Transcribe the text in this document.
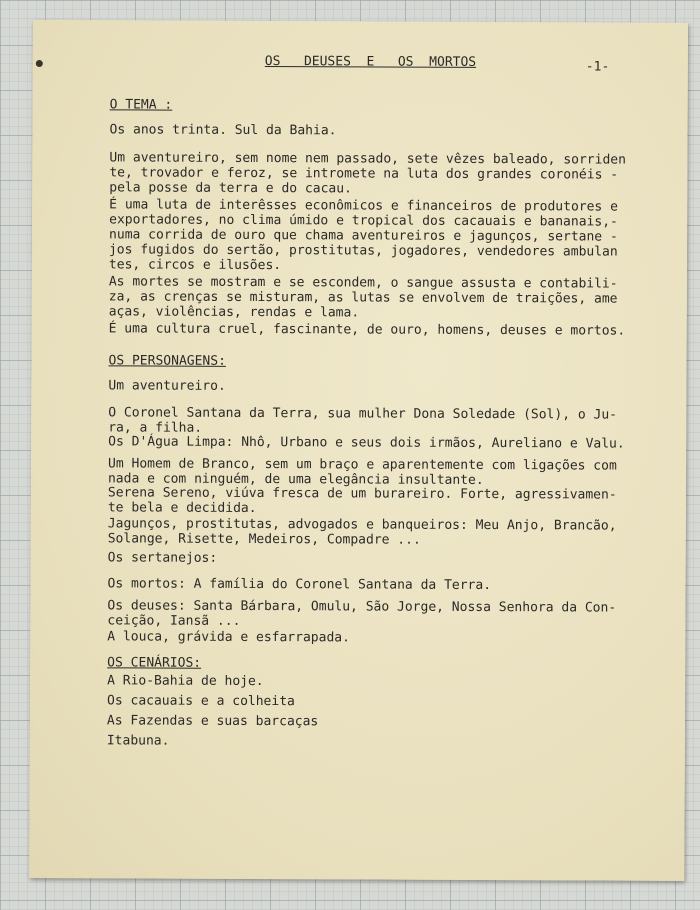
OS   DEUSES  E   OS  MORTOS	-1-
O TEMA :
Os anos trinta. Sul da Bahia.
Um aventureiro, sem nome nem passado, sete vêzes baleado, sorriden
te, trovador e feroz, se intromete na luta dos grandes coronéis -
pela posse da terra e do cacau.
É uma luta de interêsses econômicos e financeiros de produtores e
exportadores, no clima úmido e tropical dos cacauais e bananais,-
numa corrida de ouro que chama aventureiros e jagunços, sertane -
jos fugidos do sertão, prostitutas, jogadores, vendedores ambulan
tes, circos e ilusões.
As mortes se mostram e se escondem, o sangue assusta e contabili-
za, as crenças se misturam, as lutas se envolvem de traições, ame
aças, violências, rendas e lama.
É uma cultura cruel, fascinante, de ouro, homens, deuses e mortos.
OS PERSONAGENS:
Um aventureiro.
O Coronel Santana da Terra, sua mulher Dona Soledade (Sol), o Ju-
ra, a filha.
Os D'Água Limpa: Nhô, Urbano e seus dois irmãos, Aureliano e Valu.
Um Homem de Branco, sem um braço e aparentemente com ligações com
nada e com ninguém, de uma elegância insultante.
Serena Sereno, viúva fresca de um burareiro. Forte, agressivamen-
te bela e decidida.
Jagunços, prostitutas, advogados e banqueiros: Meu Anjo, Brancão,
Solange, Risette, Medeiros, Compadre ...
Os sertanejos:
Os mortos: A família do Coronel Santana da Terra.
Os deuses: Santa Bárbara, Omulu, São Jorge, Nossa Senhora da Con-
ceição, Iansã ...
A louca, grávida e esfarrapada.
OS CENÁRIOS:
A Rio-Bahia de hoje.
Os cacauais e a colheita
As Fazendas e suas barcaças
Itabuna.
